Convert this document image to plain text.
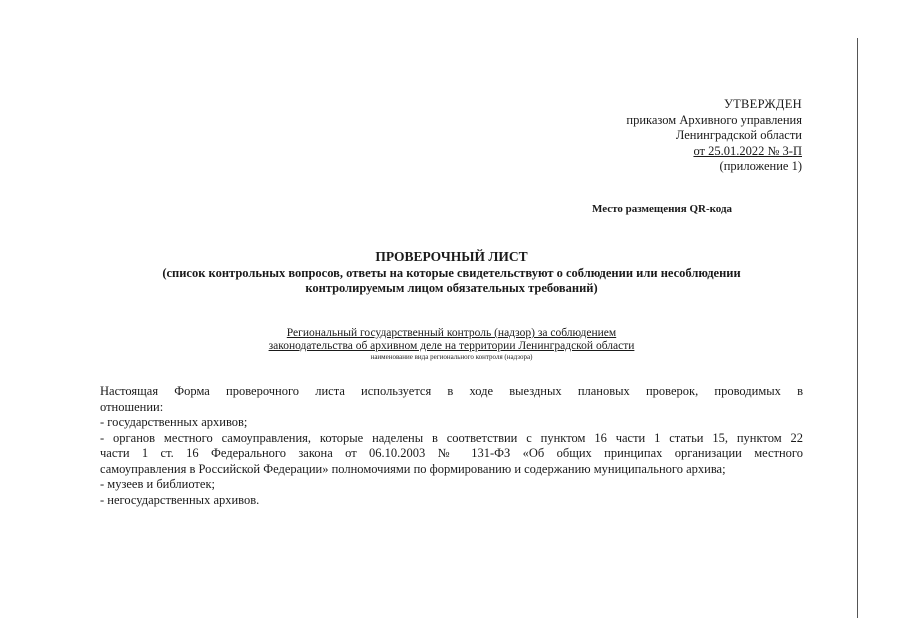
УТВЕРЖДЕН
приказом Архивного управления
Ленинградской области
от 25.01.2022 № 3-П
(приложение 1)
Место размещения QR-кода
ПРОВЕРОЧНЫЙ ЛИСТ
(список контрольных вопросов, ответы на которые свидетельствуют о соблюдении или несоблюдении
контролируемым лицом обязательных требований)
Региональный государственный контроль (надзор) за соблюдением
законодательства об архивном деле на территории Ленинградской области
наименование вида регионального контроля (надзора)

Настоящая Форма проверочного листа используется в ходе выездных плановых проверок, проводимых в

отношении:

- государственных архивов;

- органов местного самоуправления, которые наделены в соответствии с пунктом 16 части 1 статьи 15, пунктом 22

части 1 ст. 16 Федерального закона от 06.10.2003 № 131-ФЗ «Об общих принципах организации местного

самоуправления в Российской Федерации» полномочиями по формированию и содержанию муниципального архива;

- музеев и библиотек;

- негосударственных архивов.
